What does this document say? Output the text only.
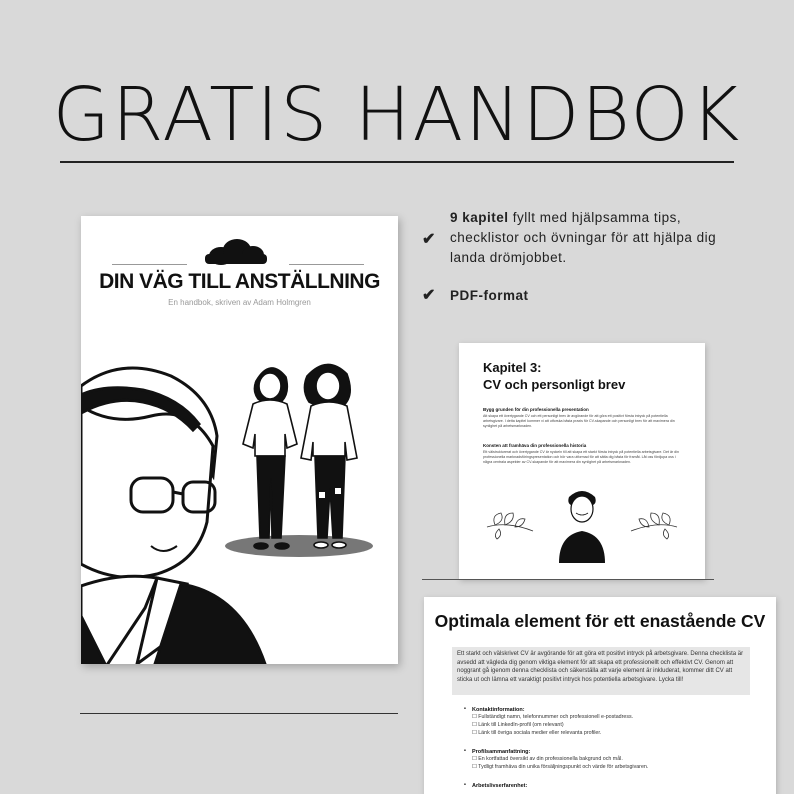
GRATIS HANDBOK
DIN VÄG TILL ANSTÄLLNING
En handbok, skriven av Adam Holmgren
✔
9 kapitel fyllt med hjälpsamma tips, checklistor och övningar för att hjälpa dig landa drömjobbet.
✔ PDF-format
Kapitel 3:
CV och personligt brev
Bygg grunden för din professionella presentation
Att skapa ett övertygande CV och ett personligt brev är avgörande för att göra ett positivt första intryck på potentiella arbetsgivare. I detta kapitel kommer vi att utforska bästa praxis för CV-skapande och personligt brev för att maximera din synlighet på arbetsmarknaden.
Konsten att framhäva din professionella historia
Ett välstrukturerat och övertygande CV är nyckeln till att skapa ett starkt första intryck på potentiella arbetsgivare. Det är din professionella marknadsföringspresentation och bör vara utformad för att sätta dig bästa för framåt. Låt oss fördjupa oss i några centrala aspekter av CV-skapande för att maximera din synlighet på arbetsmarknaden.
Optimala element för ett enastående CV
Ett starkt och välskrivet CV är avgörande för att göra ett positivt intryck på arbetsgivare. Denna checklista är avsedd att vägleda dig genom viktiga element för att skapa ett professionellt och effektivt CV. Genom att noggrant gå igenom denna checklista och säkerställa att varje element är inkluderat, kommer ditt CV att sticka ut och lämna ett varaktigt positivt intryck hos potentiella arbetsgivare. Lycka till!
• Kontaktinformation:
☐ Fullständigt namn, telefonnummer och professionell e-postadress.
☐ Länk till LinkedIn-profil (om relevant)
☐ Länk till övriga sociala medier eller relevanta profiler.
• Profilsammanfattning:
☐ En kortfattad översikt av din professionella bakgrund och mål.
☐ Tydligt framhäva din unika försäljningspunkt och värde för arbetsgivaren.
• Arbetslivserfarenhet:
